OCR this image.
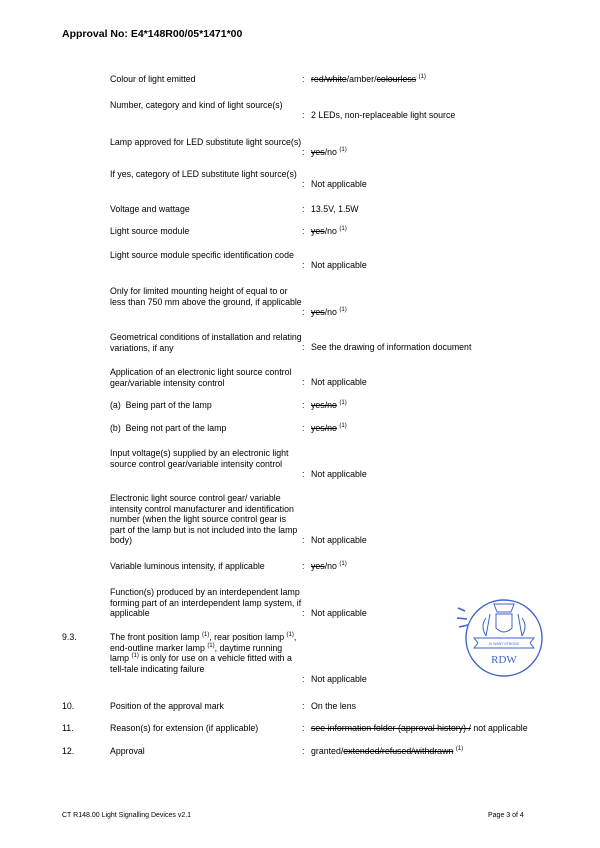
Approval No: E4*148R00/05*1471*00
Colour of light emitted	: red/white/amber/colourless $^{(1)}$
Number, category and kind of light source(s)
: 2 LEDs, non-replaceable light source
Lamp approved for LED substitute light source(s)
: yes/no $^{(1)}$
If yes, category of LED substitute light source(s)
: Not applicable
Voltage and wattage	: 13.5V, 1.5W
Light source module	: yes/no $^{(1)}$
Light source module specific identification code
: Not applicable
Only for limited mounting height of equal to or less than 750 mm above the ground, if applicable
: yes/no $^{(1)}$
Geometrical conditions of installation and relating variations, if any	: See the drawing of information document
Application of an electronic light source control gear/variable intensity control	: Not applicable
(a)  Being part of the lamp	: yes/no $^{(1)}$
(b)  Being not part of the lamp	: yes/no $^{(1)}$
Input voltage(s) supplied by an electronic light source control gear/variable intensity control
: Not applicable
Electronic light source control gear/ variable intensity control manufacturer and identification number (when the light source control gear is part of the lamp but is not included into the lamp body)	: Not applicable
Variable luminous intensity, if applicable	: yes/no $^{(1)}$
Function(s) produced by an interdependent lamp forming part of an interdependent lamp system, if applicable	: Not applicable
9.3.	The front position lamp $^{(1)}$, rear position lamp $^{(1)}$, end-outline marker lamp $^{(1)}$, daytime running lamp $^{(1)}$ is only for use on a vehicle fitted with a tell-tale indicating failure
: Not applicable
10.	Position of the approval mark	: On the lens
11.	Reason(s) for extension (if applicable)	: see information folder (approval history) / not applicable
12.	Approval	: granted/extended/refused/withdrawn $^{(1)}$
IK WANT STRODE
RDW
CT R148.00 Light Signalling Devices v2.1	Page 3 of 4
